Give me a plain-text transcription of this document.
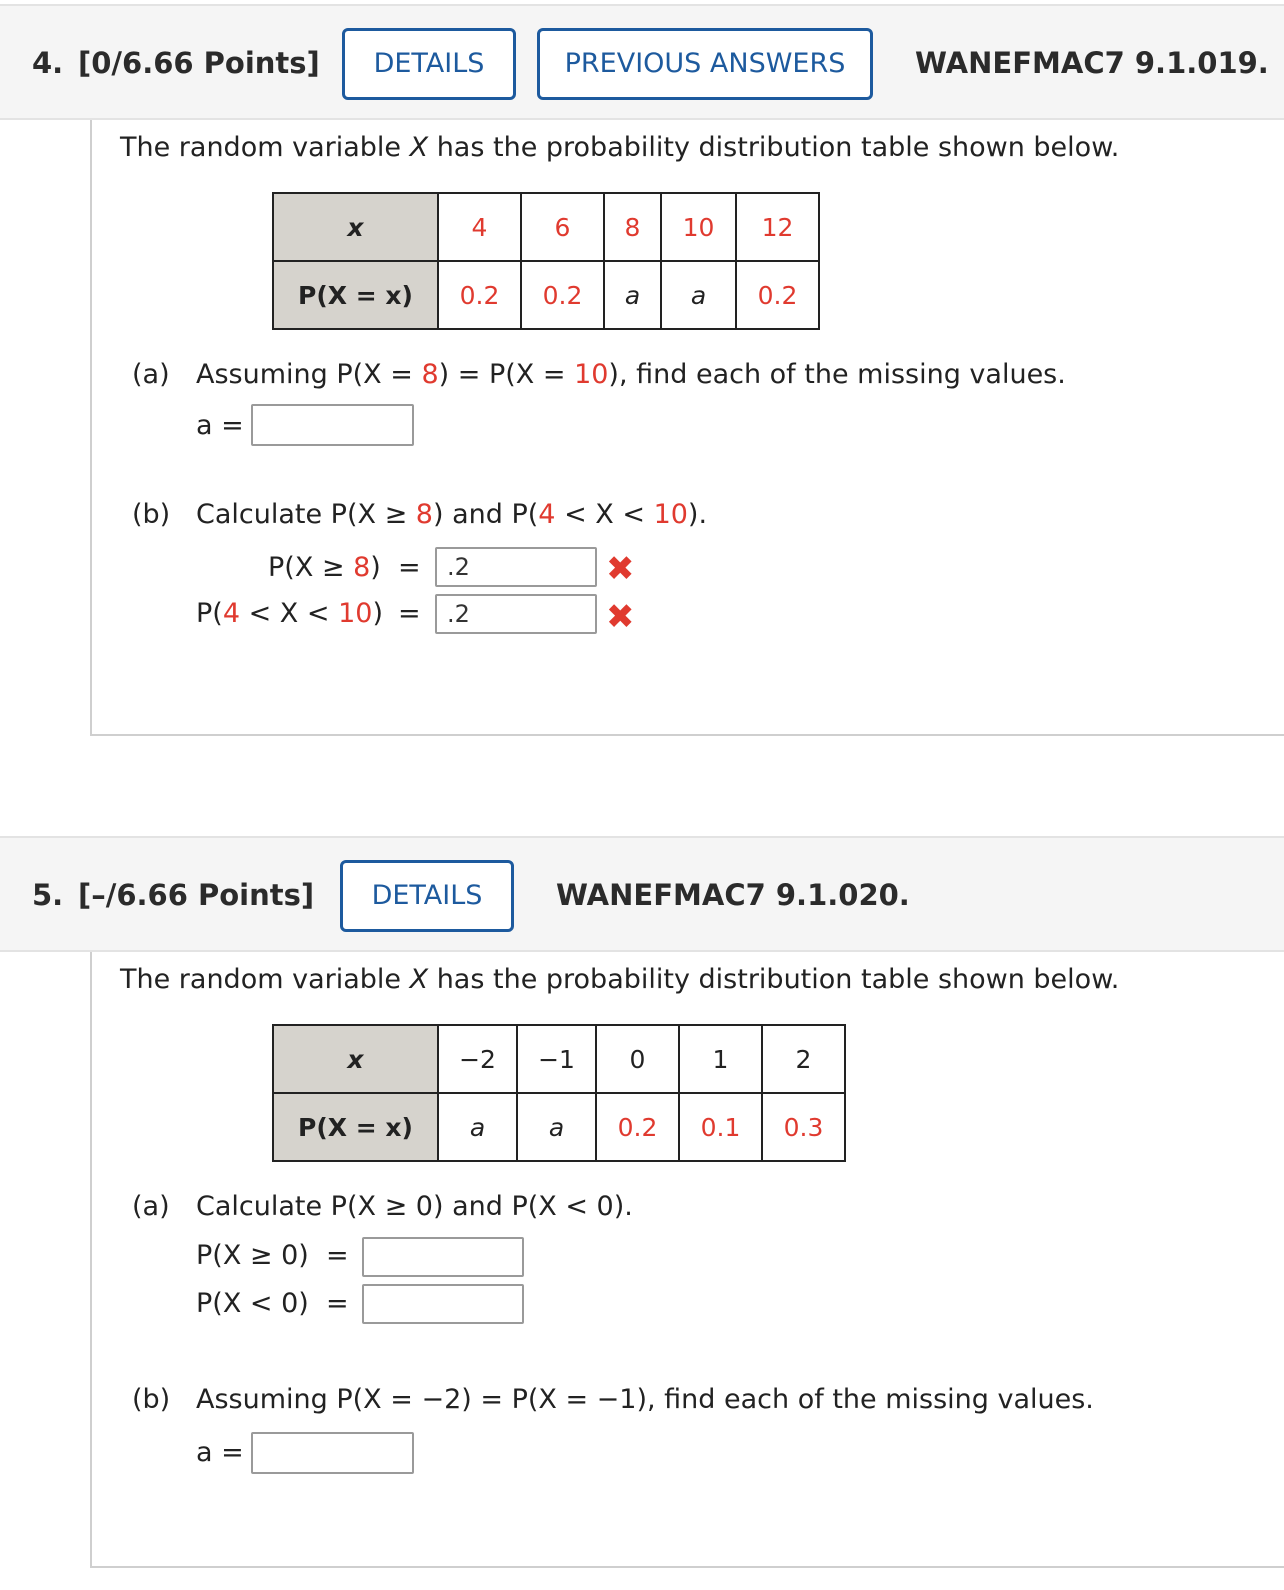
4. [0/6.66 Points]	DETAILS	PREVIOUS ANSWERS	WANEFMAC7 9.1.019.
The random variable X has the probability distribution table shown below.
x	4	6	8	10	12
P(X = x)	0.2	0.2	a	a	0.2
(a) Assuming P(X = 8) = P(X = 10), find each of the missing values.
a =
(b) Calculate P(X ≥ 8) and P(4 < X < 10).
P(X ≥ 8) =	.2	✖
P(4 < X < 10) =	.2	✖
5. [–/6.66 Points]	DETAILS	WANEFMAC7 9.1.020.
The random variable X has the probability distribution table shown below.
x	−2	−1	0	1	2
P(X = x)	a	a	0.2	0.1	0.3
(a) Calculate P(X ≥ 0) and P(X < 0).
P(X ≥ 0) =
P(X < 0) =
(b) Assuming P(X = −2) = P(X = −1), find each of the missing values.
a =
